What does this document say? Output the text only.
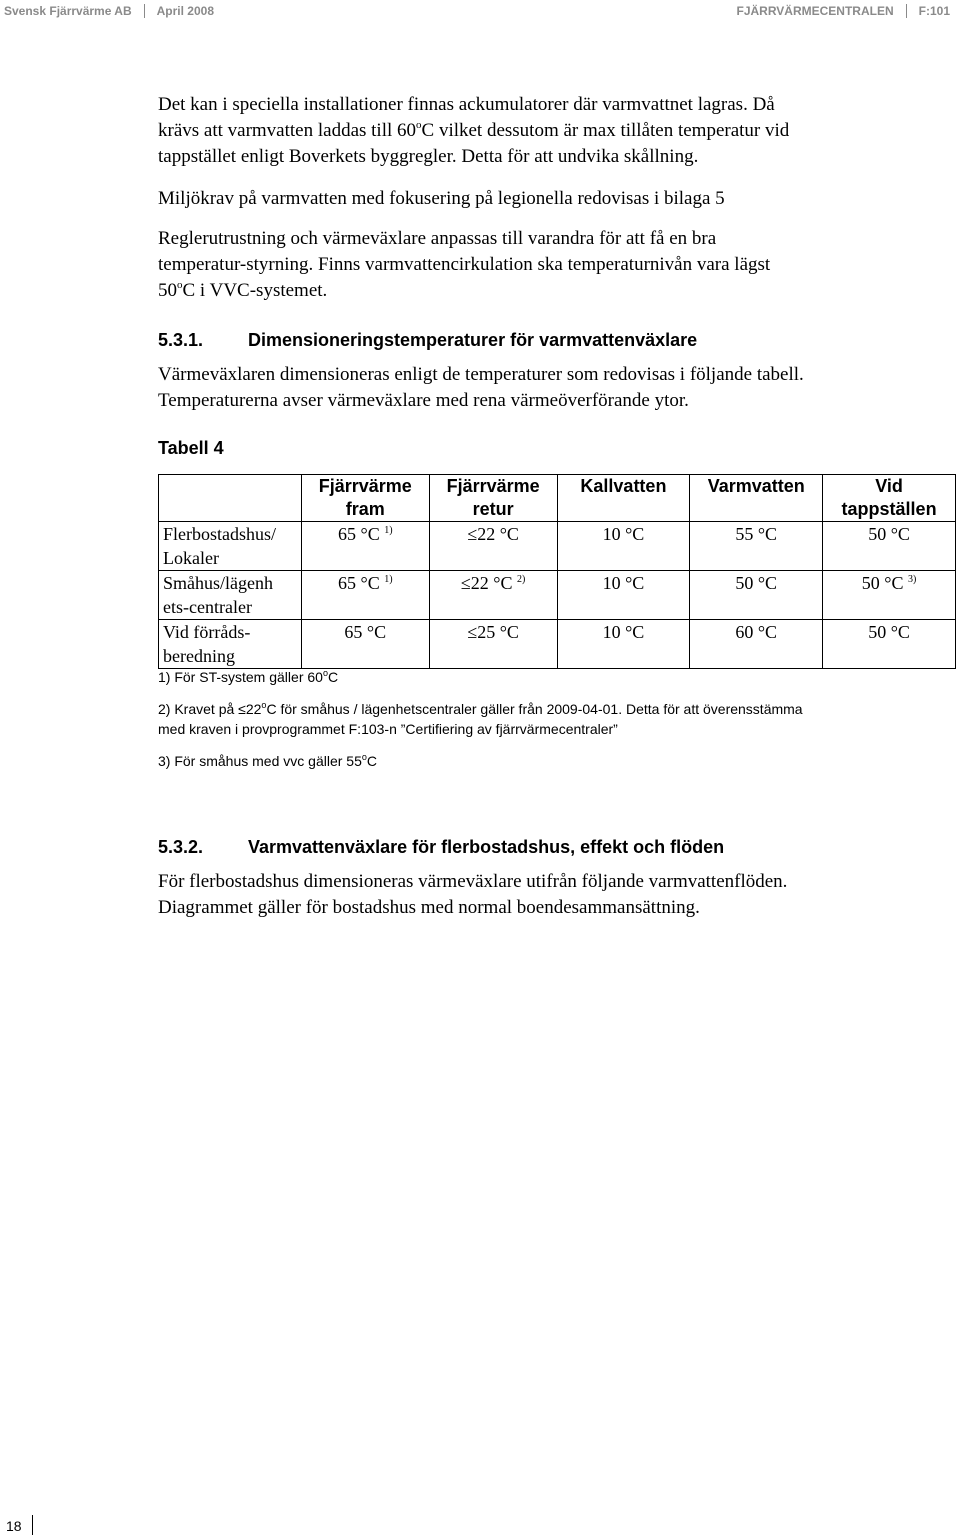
Svensk Fjärrvärme AB April 2008	FJÄRRVÄRMECENTRALEN F:101
Det kan i speciella installationer finnas ackumulatorer där varmvattnet lagras. Då
krävs att varmvatten laddas till 60$^o$C vilket dessutom är max tillåten temperatur vid
tappstället enligt Boverkets byggregler. Detta för att undvika skållning.
Miljökrav på varmvatten med fokusering på legionella redovisas i bilaga 5
Reglerutrustning och värmeväxlare anpassas till varandra för att få en bra
temperatur-styrning. Finns varmvattencirkulation ska temperaturnivån vara lägst
50$^o$C i VVC-systemet.
5.3.1. Dimensioneringstemperaturer för varmvattenväxlare
Värmeväxlaren dimensioneras enligt de temperaturer som redovisas i följande tabell.
Temperaturerna avser värmeväxlare med rena värmeöverförande ytor.
Tabell 4
	Fjärrvärme fram	Fjärrvärme retur	Kallvatten	Varmvatten	Vid tappställen
Flerbostadshus/ Lokaler	65 °C $^{1)}$	≤22 °C	10 °C	55 °C	50 °C
Småhus/lägenh ets-centraler	65 °C $^{1)}$	≤22 °C $^{2)}$	10 °C	50 °C	50 °C $^{3)}$
Vid förråds- beredning	65 °C	≤25 °C	10 °C	60 °C	50 °C
1) För ST-system gäller 60$^o$C
2) Kravet på $\le 22^oC$ för småhus / lägenhetscentraler gäller från 2009-04-01. Detta för att överensstämma
med kraven i provprogrammet F:103-n ”Certifiering av fjärrvärmecentraler”
3) För småhus med vvc gäller 55$^o$C
5.3.2. Varmvattenväxlare för flerbostadshus, effekt och flöden
För flerbostadshus dimensioneras värmeväxlare utifrån följande varmvattenflöden.
Diagrammet gäller för bostadshus med normal boendesammansättning.
18
